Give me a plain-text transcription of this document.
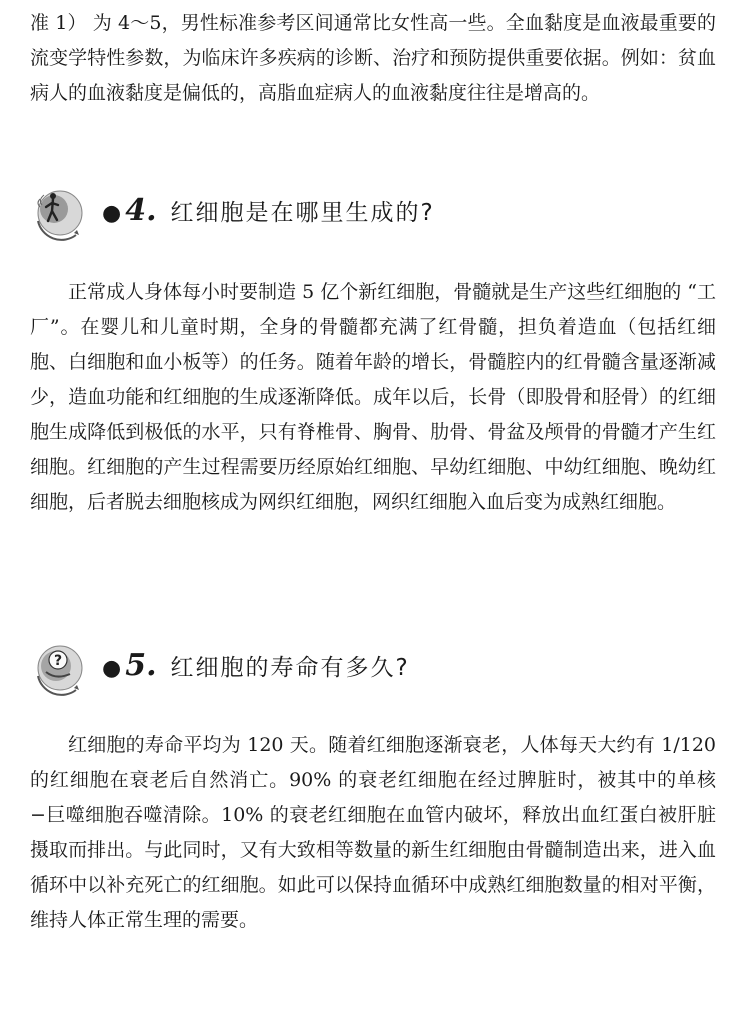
准 1） 为 4～5，男性标准参考区间通常比女性高一些。全血黏度是血液最重要的流变学特性参数，为临床许多疾病的诊断、治疗和预防提供重要依据。例如：贫血病人的血液黏度是偏低的，高脂血症病人的血液黏度往往是增高的。

● 4. 红细胞是在哪里生成的?

正常成人身体每小时要制造 5 亿个新红细胞，骨髓就是生产这些红细胞的 “工厂”。在婴儿和儿童时期，全身的骨髓都充满了红骨髓，担负着造血（包括红细胞、白细胞和血小板等）的任务。随着年龄的增长，骨髓腔内的红骨髓含量逐渐减少，造血功能和红细胞的生成逐渐降低。成年以后，长骨（即股骨和胫骨）的红细胞生成降低到极低的水平，只有脊椎骨、胸骨、肋骨、骨盆及颅骨的骨髓才产生红细胞。红细胞的产生过程需要历经原始红细胞、早幼红细胞、中幼红细胞、晚幼红细胞，后者脱去细胞核成为网织红细胞，网织红细胞入血后变为成熟红细胞。

? ● 5. 红细胞的寿命有多久?

红细胞的寿命平均为 120 天。随着红细胞逐渐衰老，人体每天大约有 1/120 的红细胞在衰老后自然消亡。90% 的衰老红细胞在经过脾脏时，被其中的单核−巨噬细胞吞噬清除。10% 的衰老红细胞在血管内破坏，释放出血红蛋白被肝脏摄取而排出。与此同时，又有大致相等数量的新生红细胞由骨髓制造出来，进入血循环中以补充死亡的红细胞。如此可以保持血循环中成熟红细胞数量的相对平衡，维持人体正常生理的需要。
